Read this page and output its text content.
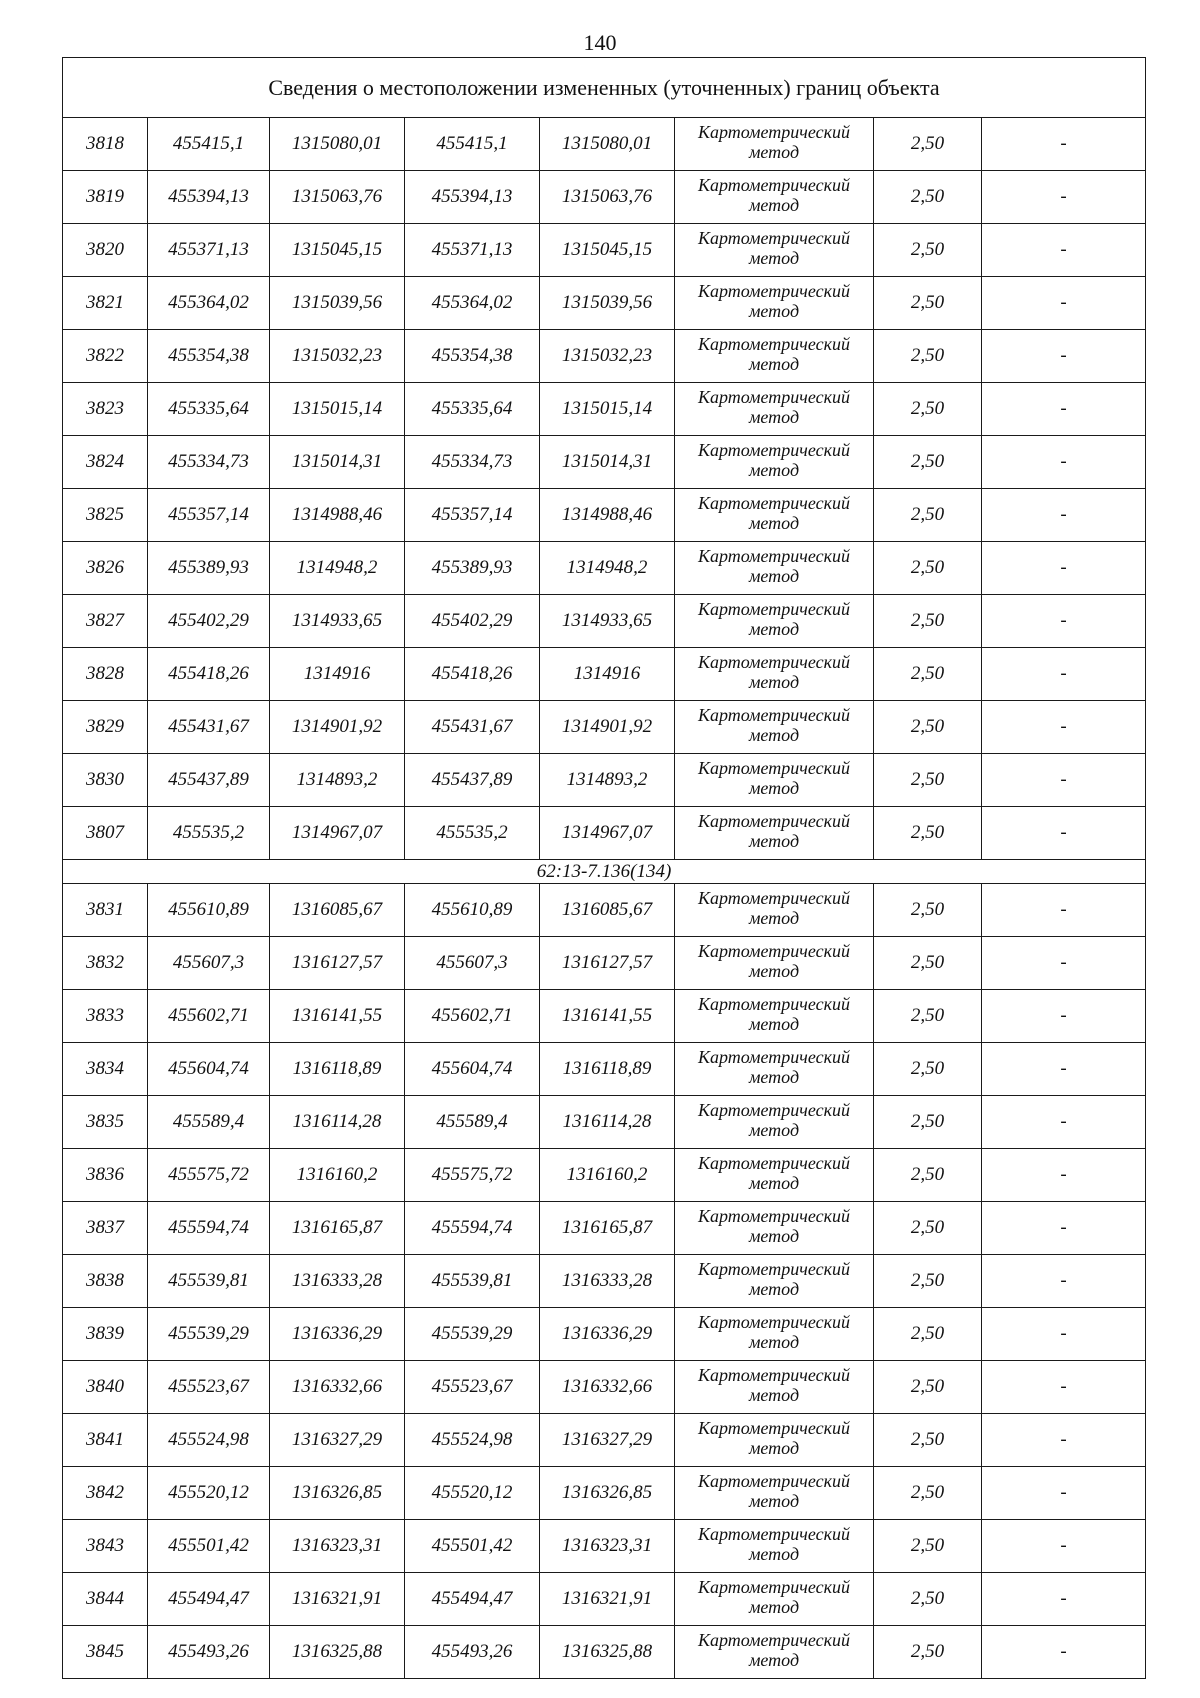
140
Сведения о местоположении измененных (уточненных) границ объекта							
3818	455415,1	1315080,01	455415,1	1315080,01	Картометрический метод	2,50	-
3819	455394,13	1315063,76	455394,13	1315063,76	Картометрический метод	2,50	-
3820	455371,13	1315045,15	455371,13	1315045,15	Картометрический метод	2,50	-
3821	455364,02	1315039,56	455364,02	1315039,56	Картометрический метод	2,50	-
3822	455354,38	1315032,23	455354,38	1315032,23	Картометрический метод	2,50	-
3823	455335,64	1315015,14	455335,64	1315015,14	Картометрический метод	2,50	-
3824	455334,73	1315014,31	455334,73	1315014,31	Картометрический метод	2,50	-
3825	455357,14	1314988,46	455357,14	1314988,46	Картометрический метод	2,50	-
3826	455389,93	1314948,2	455389,93	1314948,2	Картометрический метод	2,50	-
3827	455402,29	1314933,65	455402,29	1314933,65	Картометрический метод	2,50	-
3828	455418,26	1314916	455418,26	1314916	Картометрический метод	2,50	-
3829	455431,67	1314901,92	455431,67	1314901,92	Картометрический метод	2,50	-
3830	455437,89	1314893,2	455437,89	1314893,2	Картометрический метод	2,50	-
3807	455535,2	1314967,07	455535,2	1314967,07	Картометрический метод	2,50	-
62:13-7.136(134)							
3831	455610,89	1316085,67	455610,89	1316085,67	Картометрический метод	2,50	-
3832	455607,3	1316127,57	455607,3	1316127,57	Картометрический метод	2,50	-
3833	455602,71	1316141,55	455602,71	1316141,55	Картометрический метод	2,50	-
3834	455604,74	1316118,89	455604,74	1316118,89	Картометрический метод	2,50	-
3835	455589,4	1316114,28	455589,4	1316114,28	Картометрический метод	2,50	-
3836	455575,72	1316160,2	455575,72	1316160,2	Картометрический метод	2,50	-
3837	455594,74	1316165,87	455594,74	1316165,87	Картометрический метод	2,50	-
3838	455539,81	1316333,28	455539,81	1316333,28	Картометрический метод	2,50	-
3839	455539,29	1316336,29	455539,29	1316336,29	Картометрический метод	2,50	-
3840	455523,67	1316332,66	455523,67	1316332,66	Картометрический метод	2,50	-
3841	455524,98	1316327,29	455524,98	1316327,29	Картометрический метод	2,50	-
3842	455520,12	1316326,85	455520,12	1316326,85	Картометрический метод	2,50	-
3843	455501,42	1316323,31	455501,42	1316323,31	Картометрический метод	2,50	-
3844	455494,47	1316321,91	455494,47	1316321,91	Картометрический метод	2,50	-
3845	455493,26	1316325,88	455493,26	1316325,88	Картометрический метод	2,50	-
